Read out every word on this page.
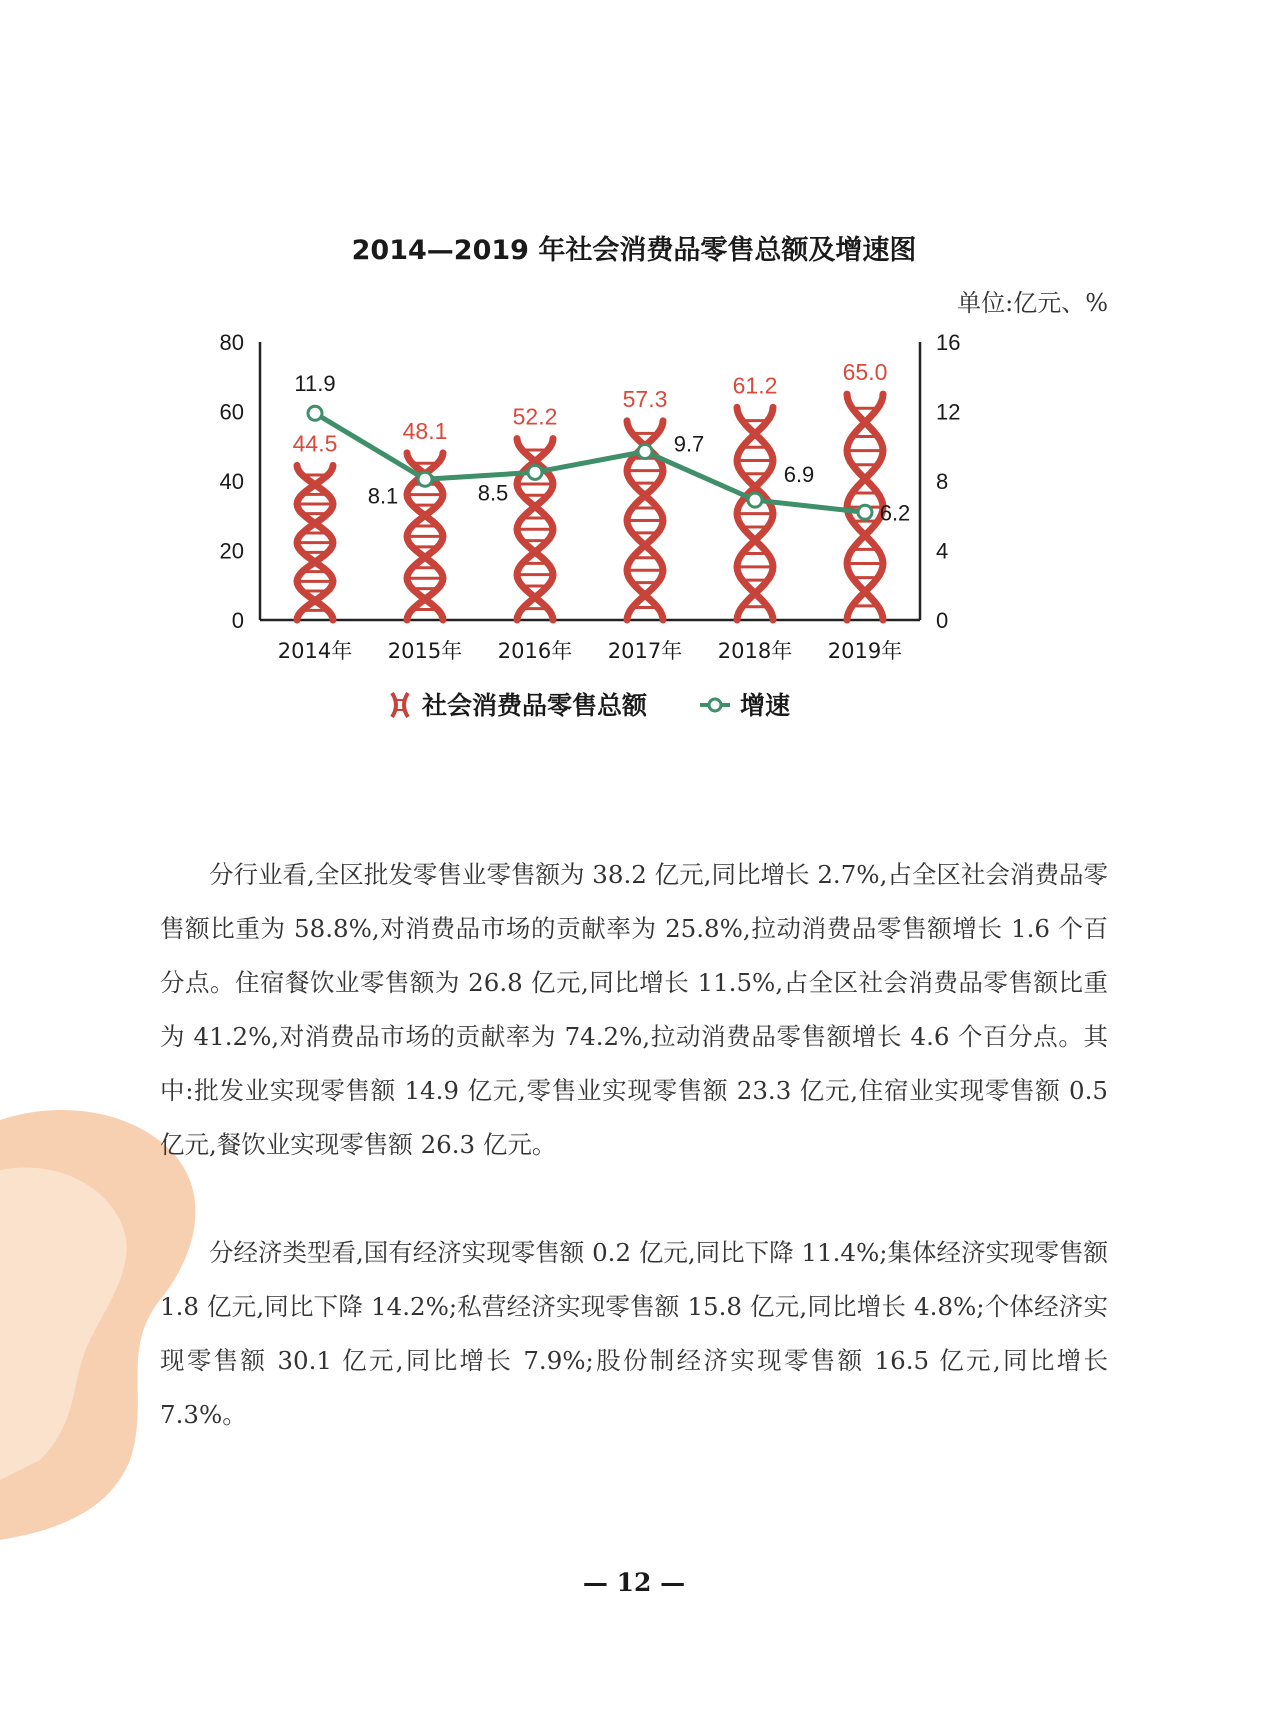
2014—2019 年社会消费品零售总额及增速图
单位:亿元、%
0
20
40
60
80
0
4
8
12
16
2014年 2015年 2016年 2017年 2018年 2019年
44.5	48.1
52.2
57.3
61.2
65.0
11.9
8.1	8.5
9.7
6.9
6.2
社会消费品零售总额	增速

分行业看,全区批发零售业零售额为 38.2 亿元,同比增长 2.7%,占全区社会消费品零售额比重为 58.8%,对消费品市场的贡献率为 25.8%,拉动消费品零售额增长 1.6 个百分点。住宿餐饮业零售额为 26.8 亿元,同比增长 11.5%,占全区社会消费品零售额比重为 41.2%,对消费品市场的贡献率为 74.2%,拉动消费品零售额增长 4.6 个百分点。其中:批发业实现零售额 14.9 亿元,零售业实现零售额 23.3 亿元,住宿业实现零售额 0.5 亿元,餐饮业实现零售额 26.3 亿元。

分经济类型看,国有经济实现零售额 0.2 亿元,同比下降 11.4%;集体经济实现零售额 1.8 亿元,同比下降 14.2%;私营经济实现零售额 15.8 亿元,同比增长 4.8%;个体经济实现零售额 30.1 亿元,同比增长 7.9%;股份制经济实现零售额 16.5 亿元,同比增长 7.3%。

— 12 —
